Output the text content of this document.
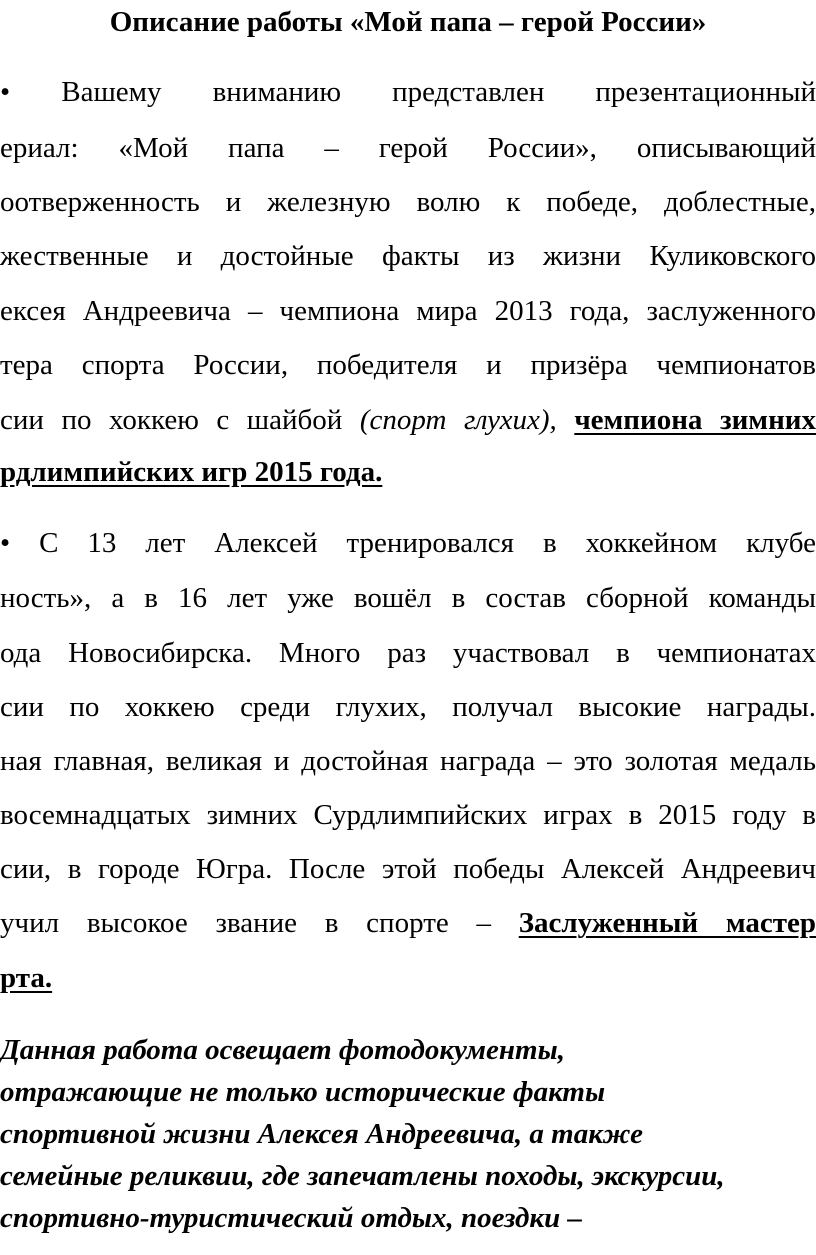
Описание работы «Мой папа – герой России»
• Вашему вниманию представлен презентационный
ериал: «Мой папа – герой России», описывающий
оотверженность и железную волю к победе, доблестные,
жественные и достойные факты из жизни Куликовского
ексея Андреевича – чемпиона мира 2013 года, заслуженного
тера спорта России, победителя и призёра чемпионатов
сии по хоккею с шайбой (спорт глухих), чемпиона зимних
рдлимпийских игр 2015 года.
• С 13 лет Алексей тренировался в хоккейном клубе
ность», а в 16 лет уже вошёл в состав сборной команды
ода Новосибирска. Много раз участвовал в чемпионатах
сии по хоккею среди глухих, получал высокие награды.
ная главная, великая и достойная награда – это золотая медаль
восемнадцатых зимних Сурдлимпийских играх в 2015 году в
сии, в городе Югра. После этой победы Алексей Андреевич
учил высокое звание в спорте – Заслуженный мастер
рта.
Данная работа освещает фотодокументы,
отражающие не только исторические факты
спортивной жизни Алексея Андреевича, а также
семейные реликвии, где запечатлены походы, экскурсии,
спортивно-туристический отдых, поездки –
